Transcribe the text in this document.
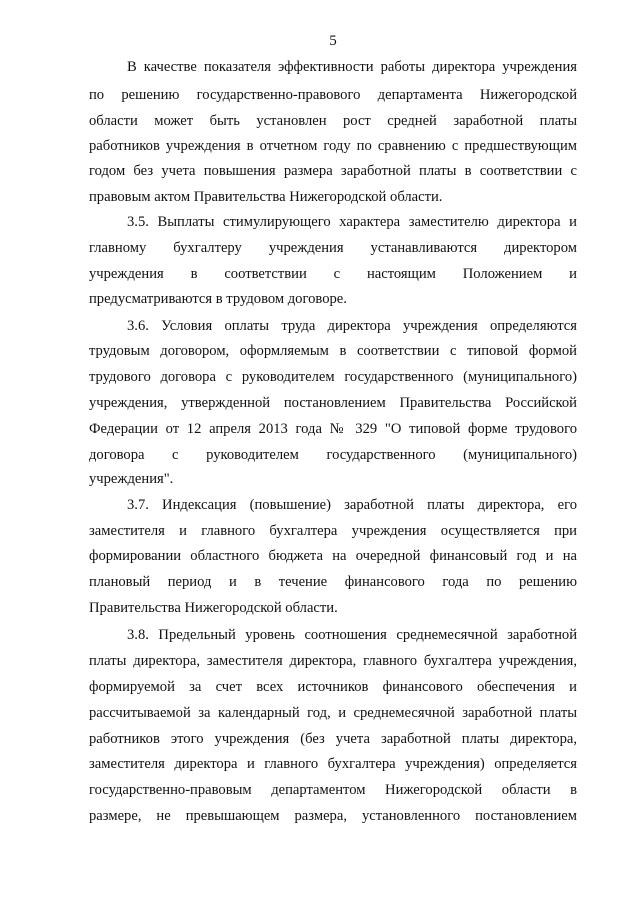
5
В качестве показателя эффективности работы директора учреждения
по решению государственно-правового департамента Нижегородской
области может быть установлен рост средней заработной платы
работников учреждения в отчетном году по сравнению с предшествующим
годом без учета повышения размера заработной платы в соответствии с
правовым актом Правительства Нижегородской области.
3.5. Выплаты стимулирующего характера заместителю директора и
главному бухгалтеру учреждения устанавливаются директором
учреждения в соответствии с настоящим Положением и
предусматриваются в трудовом договоре.
3.6. Условия оплаты труда директора учреждения определяются
трудовым договором, оформляемым в соответствии с типовой формой
трудового договора с руководителем государственного (муниципального)
учреждения, утвержденной постановлением Правительства Российской
Федерации от 12 апреля 2013 года № 329 "О типовой форме трудового
договора с руководителем государственного (муниципального)
учреждения".
3.7. Индексация (повышение) заработной платы директора, его
заместителя и главного бухгалтера учреждения осуществляется при
формировании областного бюджета на очередной финансовый год и на
плановый период и в течение финансового года по решению
Правительства Нижегородской области.
3.8. Предельный уровень соотношения среднемесячной заработной
платы директора, заместителя директора, главного бухгалтера учреждения,
формируемой за счет всех источников финансового обеспечения и
рассчитываемой за календарный год, и среднемесячной заработной платы
работников этого учреждения (без учета заработной платы директора,
заместителя директора и главного бухгалтера учреждения) определяется
государственно-правовым департаментом Нижегородской области в
размере, не превышающем размера, установленного постановлением
